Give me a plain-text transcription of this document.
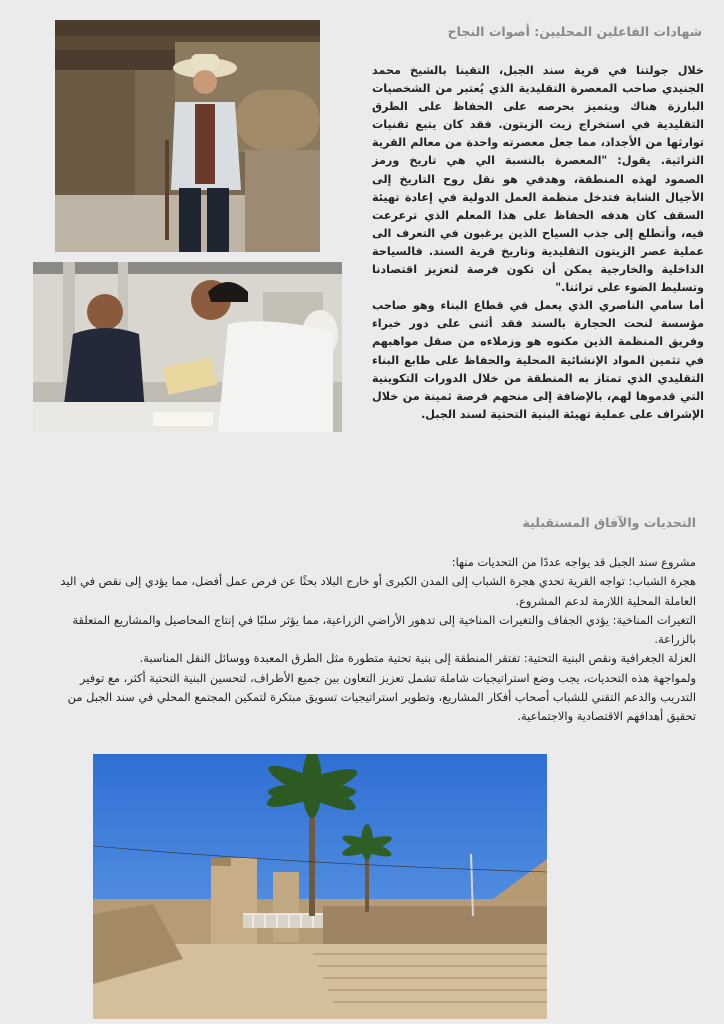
شهادات الفاعلين المحليين: أصوات النجاح

خلال جولتنا في قرية سند الجبل، التقينا بالشيخ محمد الجنيدي صاحب المعصرة التقليدية الذي يُعتبر من الشخصيات البارزة هناك ويتميز بحرصه على الحفاظ على الطرق التقليدية في استخراج زيت الزيتون. فقد كان يتبع تقنيات توارثها من الأجداد، مما جعل معصرته واحدة من معالم القرية التراثية. يقول: "المعصرة بالنسبة الي هي تاريخ ورمز الصمود لهذه المنطقة، وهدفي هو نقل روح التاريخ إلى الأجيال الشابة فتدخل منظمة العمل الدولية في إعادة تهيئة السقف كان هدفه الحفاظ على هذا المعلم الذي ترعرعت فيه، وأتطلع إلى جذب السياح الذين يرغبون في التعرف الى عملية عصر الزيتون التقليدية وتاريخ قرية السند. فالسياحة الداخلية والخارجية يمكن أن تكون فرصة لتعزيز اقتصادنا وتسليط الضوء على تراثنا."

أما سامي الناصري الذي يعمل في قطاع البناء وهو صاحب مؤسسة لنحت الحجارة بالسند فقد أثنى على دور خبراء وفريق المنظمة الذين مكنوه هو وزملاءه من صقل مواهبهم في تثمين المواد الإنشائية المحلية والحفاظ على طابع البناء التقليدي الذي تمتاز به المنطقة من خلال الدورات التكوينية التي قدموها لهم، بالإضافة إلى منحهم فرصة ثمينة من خلال الإشراف على عملية تهيئة البنية التحتية لسند الجبل.

التحديات والآفاق المستقبلية

مشروع سند الجبل قد يواجه عددًا من التحديات منها:

هجرة الشباب: تواجه القرية تحدي هجرة الشباب إلى المدن الكبرى أو خارج البلاد بحثًا عن فرص عمل أفضل، مما يؤدي إلى نقص في اليد العاملة المحلية اللازمة لدعم المشروع.

التغيرات المناخية: يؤدي الجفاف والتغيرات المناخية إلى تدهور الأراضي الزراعية، مما يؤثر سلبًا في إنتاج المحاصيل والمشاريع المتعلقة بالزراعة.

العزلة الجغرافية ونقص البنية التحتية: تفتقر المنطقة إلى بنية تحتية متطورة مثل الطرق المعبدة ووسائل النقل المناسبة.

ولمواجهة هذه التحديات، يجب وضع استراتيجيات شاملة تشمل تعزيز التعاون بين جميع الأطراف، لتحسين البنية التحتية أكثر، مع توفير التدريب والدعم التقني للشباب أصحاب أفكار المشاريع، وتطوير استراتيجيات تسويق مبتكرة لتمكين المجتمع المحلي في سند الجبل من تحقيق أهدافهم الاقتصادية والاجتماعية.
